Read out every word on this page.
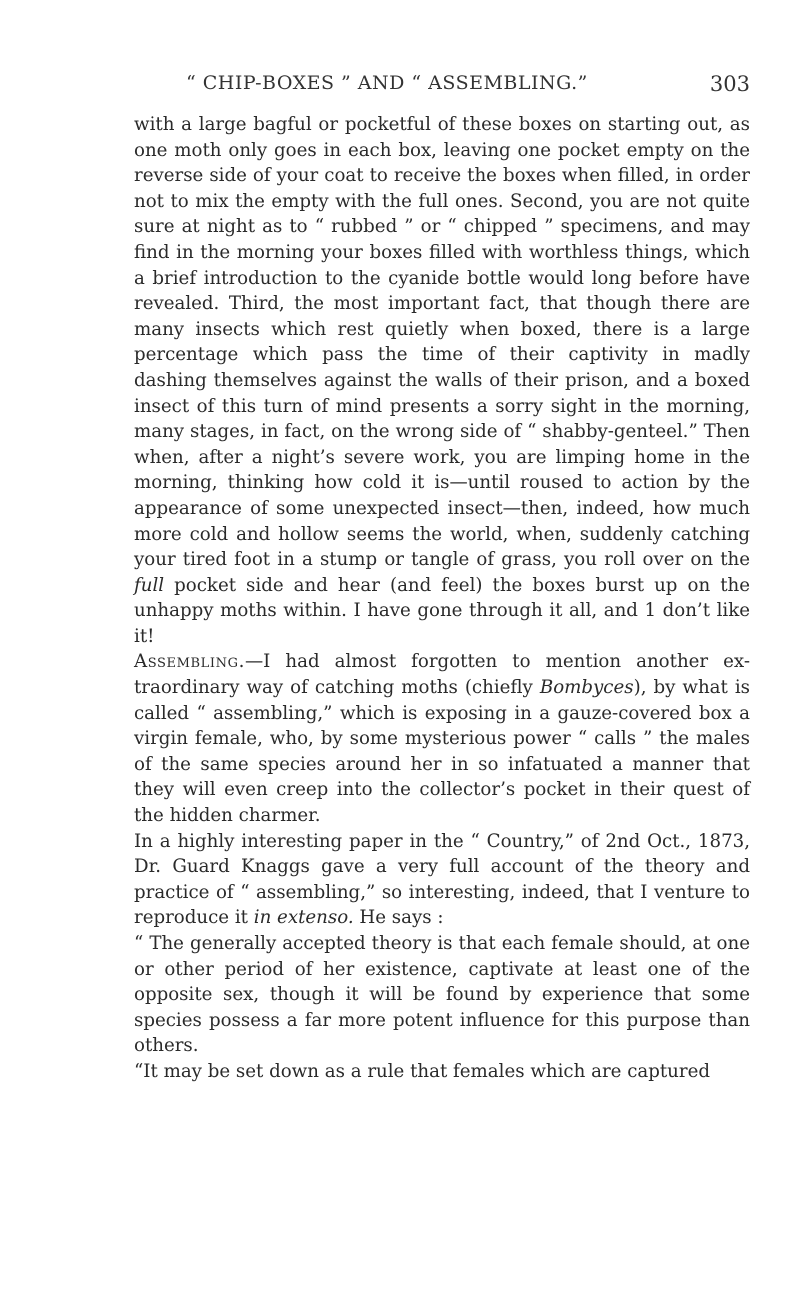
“ CHIP-BOXES ” AND “ ASSEMBLING.”	303

with a large bagful or pocketful of these boxes on starting out, as one moth only goes in each box, leaving one pocket empty on the reverse side of your coat to receive the boxes when filled, in order not to mix the empty with the full ones. Second, you are not quite sure at night as to “ rubbed ” or “ chipped ” specimens, and may find in the morning your boxes filled with worthless things, which a brief introduction to the cyanide bottle would long before have revealed. Third, the most important fact, that though there are many insects which rest quietly when boxed, there is a large percentage which pass the time of their captivity in madly dashing themselves against the walls of their prison, and a boxed insect of this turn of mind presents a sorry sight in the morning, many stages, in fact, on the wrong side of “ shabby-genteel.” Then when, after a night’s severe work, you are limping home in the morning, thinking how cold it is—until roused to action by the appearance of some unexpected insect—then, indeed, how much more cold and hollow seems the world, when, suddenly catching your tired foot in a stump or tangle of grass, you roll over on the full pocket side and hear (and feel) the boxes burst up on the unhappy moths within. I have gone through it all, and 1 don’t like it!

Assembling.—I had almost forgotten to mention another ex-traordinary way of catching moths (chiefly Bombyces), by what is called “ assembling,” which is exposing in a gauze-covered box a virgin female, who, by some mysterious power “ calls ” the males of the same species around her in so infatuated a manner that they will even creep into the collector’s pocket in their quest of the hidden charmer.

In a highly interesting paper in the “ Country,” of 2nd Oct., 1873, Dr. Guard Knaggs gave a very full account of the theory and practice of “ assembling,” so interesting, indeed, that I venture to reproduce it in extenso. He says :

“ The generally accepted theory is that each female should, at one or other period of her existence, captivate at least one of the opposite sex, though it will be found by experience that some species possess a far more potent influence for this purpose than others.

“It may be set down as a rule that females which are captured
